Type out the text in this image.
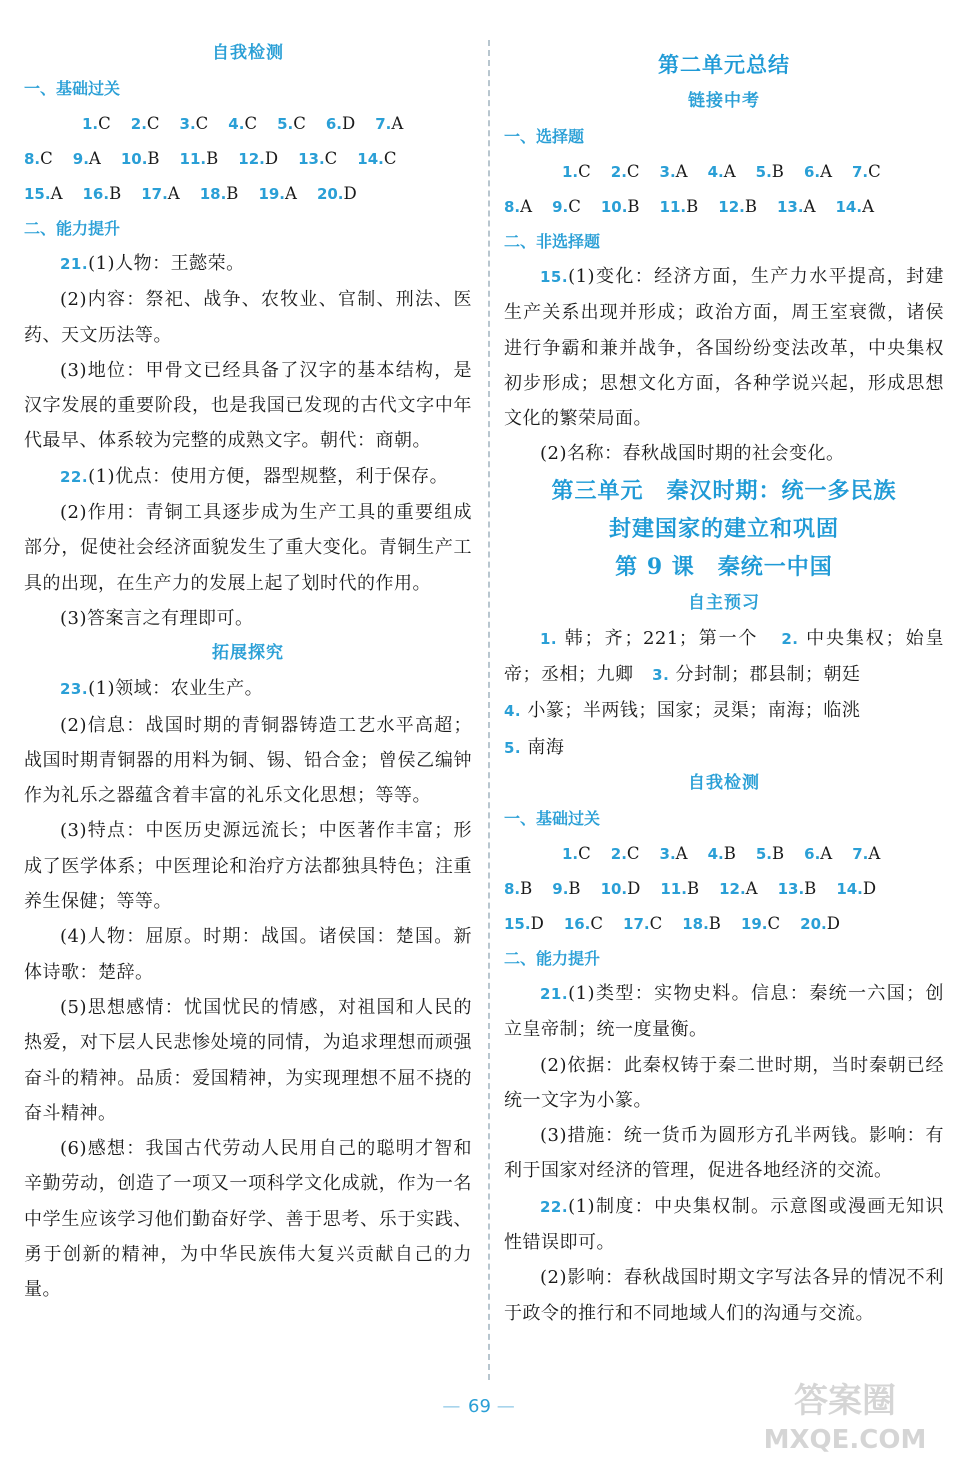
自我检测
一、基础过关
1.C 2.C 3.C 4.C 5.C 6.D 7.A
8.C 9.A 10.B 11.B 12.D 13.C 14.C
15.A 16.B 17.A 18.B 19.A 20.D
二、能力提升

21.(1)人物：王懿荣。

(2)内容：祭祀、战争、农牧业、官制、刑法、医药、天文历法等。

(3)地位：甲骨文已经具备了汉字的基本结构，是汉字发展的重要阶段，也是我国已发现的古代文字中年代最早、体系较为完整的成熟文字。朝代：商朝。

22.(1)优点：使用方便，器型规整，利于保存。

(2)作用：青铜工具逐步成为生产工具的重要组成部分，促使社会经济面貌发生了重大变化。青铜生产工具的出现，在生产力的发展上起了划时代的作用。

(3)答案言之有理即可。

拓展探究

23.(1)领域：农业生产。

(2)信息：战国时期的青铜器铸造工艺水平高超；战国时期青铜器的用料为铜、锡、铅合金；曾侯乙编钟作为礼乐之器蕴含着丰富的礼乐文化思想；等等。

(3)特点：中医历史源远流长；中医著作丰富；形成了医学体系；中医理论和治疗方法都独具特色；注重养生保健；等等。

(4)人物：屈原。时期：战国。诸侯国：楚国。新体诗歌：楚辞。

(5)思想感情：忧国忧民的情感，对祖国和人民的热爱，对下层人民悲惨处境的同情，为追求理想而顽强奋斗的精神。品质：爱国精神，为实现理想不屈不挠的奋斗精神。

(6)感想：我国古代劳动人民用自己的聪明才智和辛勤劳动，创造了一项又一项科学文化成就，作为一名中学生应该学习他们勤奋好学、善于思考、乐于实践、勇于创新的精神，为中华民族伟大复兴贡献自己的力量。

第二单元总结
链接中考
一、选择题
1.C 2.C 3.A 4.A 5.B 6.A 7.C
8.A 9.C 10.B 11.B 12.B 13.A 14.A
二、非选择题

15.(1)变化：经济方面，生产力水平提高，封建生产关系出现并形成；政治方面，周王室衰微，诸侯进行争霸和兼并战争，各国纷纷变法改革，中央集权初步形成；思想文化方面，各种学说兴起，形成思想文化的繁荣局面。

(2)名称：春秋战国时期的社会变化。

第三单元　秦汉时期：统一多民族
封建国家的建立和巩固
第 9 课　秦统一中国
自主预习

1. 韩；齐；221；第一个 2. 中央集权；始皇帝；丞相；九卿 3. 分封制；郡县制；朝廷

4. 小篆；半两钱；国家；灵渠；南海；临洮

5. 南海

自我检测
一、基础过关
1.C 2.C 3.A 4.B 5.B 6.A 7.A
8.B 9.B 10.D 11.B 12.A 13.B 14.D
15.D 16.C 17.C 18.B 19.C 20.D
二、能力提升

21.(1)类型：实物史料。信息：秦统一六国；创立皇帝制；统一度量衡。

(2)依据：此秦权铸于秦二世时期，当时秦朝已经统一文字为小篆。

(3)措施：统一货币为圆形方孔半两钱。影响：有利于国家对经济的管理，促进各地经济的交流。

22.(1)制度：中央集权制。示意图或漫画无知识性错误即可。

(2)影响：春秋战国时期文字写法各异的情况不利于政令的推行和不同地域人们的沟通与交流。

— 69 —	答案圈
MXQE.COM
